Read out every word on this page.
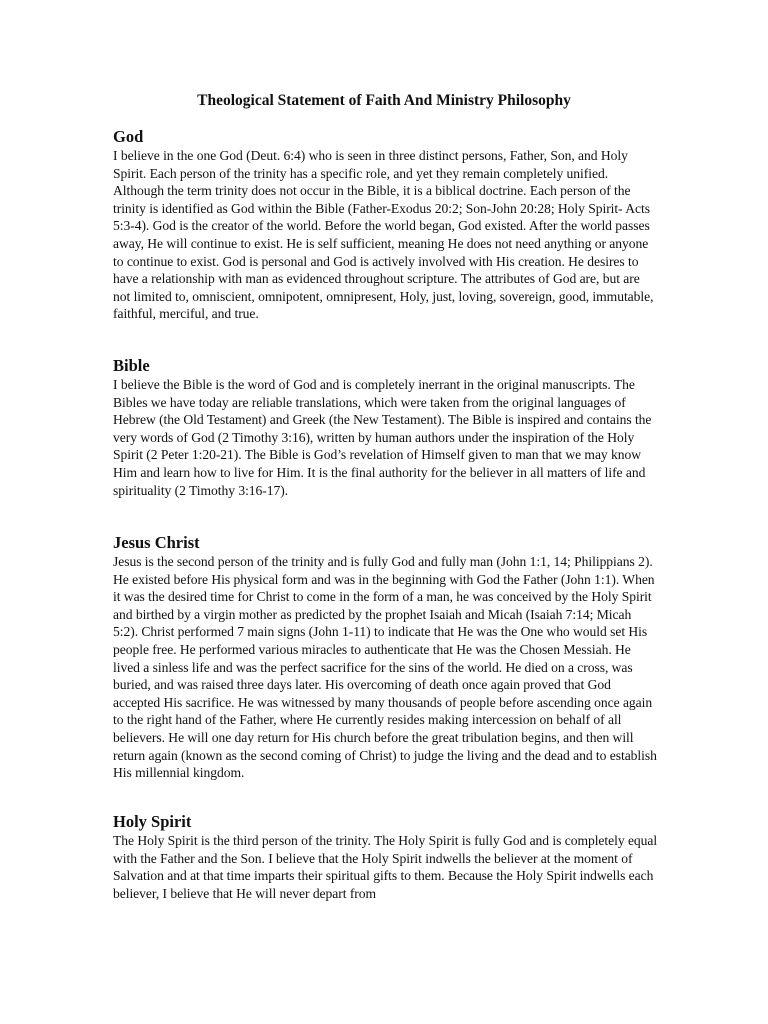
Theological Statement of Faith And Ministry Philosophy
God

I believe in the one God (Deut. 6:4) who is seen in three distinct persons, Father, Son, and Holy Spirit. Each person of the trinity has a specific role, and yet they remain completely unified. Although the term trinity does not occur in the Bible, it is a biblical doctrine. Each person of the trinity is identified as God within the Bible (Father-Exodus 20:2; Son-John 20:28; Holy Spirit- Acts 5:3-4). God is the creator of the world. Before the world began, God existed. After the world passes away, He will continue to exist. He is self sufficient, meaning He does not need anything or anyone to continue to exist. God is personal and God is actively involved with His creation. He desires to have a relationship with man as evidenced throughout scripture. The attributes of God are, but are not limited to, omniscient, omnipotent, omnipresent, Holy, just, loving, sovereign, good, immutable, faithful, merciful, and true.

Bible

I believe the Bible is the word of God and is completely inerrant in the original manuscripts. The Bibles we have today are reliable translations, which were taken from the original languages of Hebrew (the Old Testament) and Greek (the New Testament). The Bible is inspired and contains the very words of God (2 Timothy 3:16), written by human authors under the inspiration of the Holy Spirit (2 Peter 1:20-21). The Bible is God’s revelation of Himself given to man that we may know Him and learn how to live for Him. It is the final authority for the believer in all matters of life and spirituality (2 Timothy 3:16-17).

Jesus Christ

Jesus is the second person of the trinity and is fully God and fully man (John 1:1, 14; Philippians 2). He existed before His physical form and was in the beginning with God the Father (John 1:1). When it was the desired time for Christ to come in the form of a man, he was conceived by the Holy Spirit and birthed by a virgin mother as predicted by the prophet Isaiah and Micah (Isaiah 7:14; Micah 5:2). Christ performed 7 main signs (John 1-11) to indicate that He was the One who would set His people free. He performed various miracles to authenticate that He was the Chosen Messiah. He lived a sinless life and was the perfect sacrifice for the sins of the world. He died on a cross, was buried, and was raised three days later. His overcoming of death once again proved that God accepted His sacrifice. He was witnessed by many thousands of people before ascending once again to the right hand of the Father, where He currently resides making intercession on behalf of all believers. He will one day return for His church before the great tribulation begins, and then will return again (known as the second coming of Christ) to judge the living and the dead and to establish His millennial kingdom.

Holy Spirit

The Holy Spirit is the third person of the trinity. The Holy Spirit is fully God and is completely equal with the Father and the Son. I believe that the Holy Spirit indwells the believer at the moment of Salvation and at that time imparts their spiritual gifts to them. Because the Holy Spirit indwells each believer, I believe that He will never depart from
